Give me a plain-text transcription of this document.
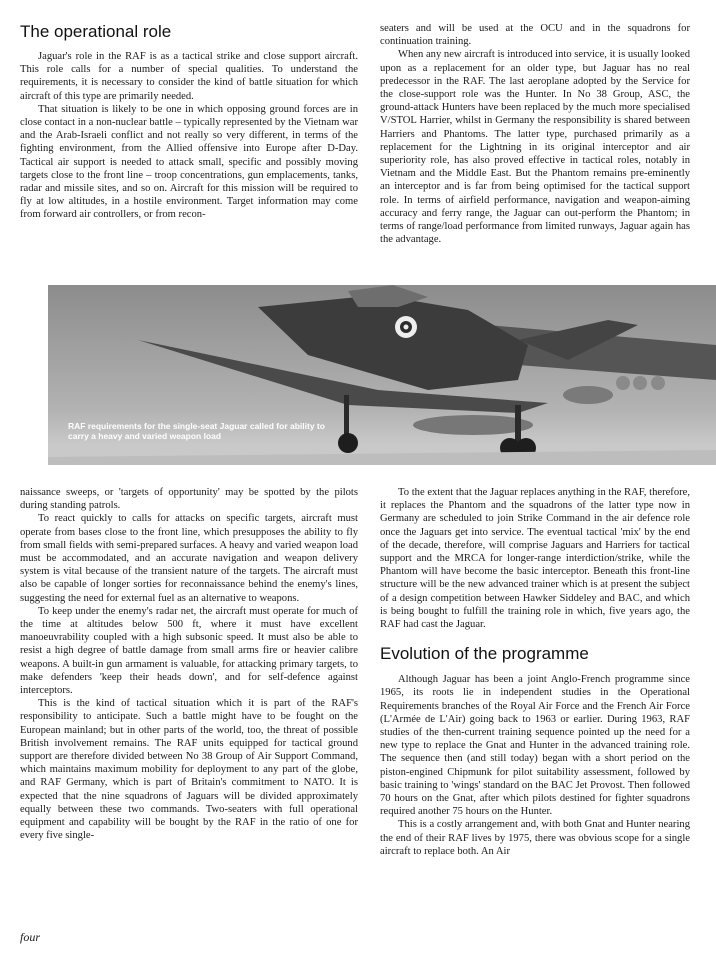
The operational role

Jaguar's role in the RAF is as a tactical strike and close support aircraft. This role calls for a number of special qualities. To understand the requirements, it is necessary to consider the kind of battle situation for which aircraft of this type are primarily needed.

That situation is likely to be one in which opposing ground forces are in close contact in a non-nuclear battle – typically represented by the Vietnam war and the Arab-Israeli conflict and not really so very different, in terms of the fighting environment, from the Allied offensive into Europe after D-Day. Tactical air support is needed to attack small, specific and possibly moving targets close to the front line – troop concentrations, gun emplacements, tanks, radar and missile sites, and so on. Aircraft for this mission will be required to fly at low altitudes, in a hostile environment. Target information may come from forward air controllers, or from recon-

seaters and will be used at the OCU and in the squadrons for continuation training.

When any new aircraft is introduced into service, it is usually looked upon as a replacement for an older type, but Jaguar has no real predecessor in the RAF. The last aeroplane adopted by the Service for the close-support role was the Hunter. In No 38 Group, ASC, the ground-attack Hunters have been replaced by the much more specialised V/STOL Harrier, whilst in Germany the responsibility is shared between Harriers and Phantoms. The latter type, purchased primarily as a replacement for the Lightning in its original interceptor and air superiority role, has also proved effective in tactical roles, notably in Vietnam and the Middle East. But the Phantom remains pre-eminently an interceptor and is far from being optimised for the tactical support role. In terms of airfield performance, navigation and weapon-aiming accuracy and ferry range, the Jaguar can out-perform the Phantom; in terms of range/load performance from limited runways, Jaguar again has the advantage.

RAF requirements for the single-seat Jaguar called for ability to carry a heavy and varied weapon load

naissance sweeps, or 'targets of opportunity' may be spotted by the pilots during standing patrols.

To react quickly to calls for attacks on specific targets, aircraft must operate from bases close to the front line, which presupposes the ability to fly from small fields with semi-prepared surfaces. A heavy and varied weapon load must be accommodated, and an accurate navigation and weapon delivery system is vital because of the transient nature of the targets. The aircraft must also be capable of longer sorties for reconnaissance behind the enemy's lines, suggesting the need for external fuel as an alternative to weapons.

To keep under the enemy's radar net, the aircraft must operate for much of the time at altitudes below 500 ft, where it must have excellent manoeuvrability coupled with a high subsonic speed. It must also be able to resist a high degree of battle damage from small arms fire or heavier calibre weapons. A built-in gun armament is valuable, for attacking primary targets, to make defenders 'keep their heads down', and for self-defence against interceptors.

This is the kind of tactical situation which it is part of the RAF's responsibility to anticipate. Such a battle might have to be fought on the European mainland; but in other parts of the world, too, the threat of possible British involvement remains. The RAF units equipped for tactical ground support are therefore divided between No 38 Group of Air Support Command, which maintains maximum mobility for deployment to any part of the globe, and RAF Germany, which is part of Britain's commitment to NATO. It is expected that the nine squadrons of Jaguars will be divided approximately equally between these two commands. Two-seaters with full operational equipment and capability will be bought by the RAF in the ratio of one for every five single-

To the extent that the Jaguar replaces anything in the RAF, therefore, it replaces the Phantom and the squadrons of the latter type now in Germany are scheduled to join Strike Command in the air defence role once the Jaguars get into service. The eventual tactical 'mix' by the end of the decade, therefore, will comprise Jaguars and Harriers for tactical support and the MRCA for longer-range interdiction/strike, while the Phantom will have become the basic interceptor. Beneath this front-line structure will be the new advanced trainer which is at present the subject of a design competition between Hawker Siddeley and BAC, and which is being bought to fulfill the training role in which, five years ago, the RAF had cast the Jaguar.

Evolution of the programme

Although Jaguar has been a joint Anglo-French programme since 1965, its roots lie in independent studies in the Operational Requirements branches of the Royal Air Force and the French Air Force (L'Armée de L'Air) going back to 1963 or earlier. During 1963, RAF studies of the then-current training sequence pointed up the need for a new type to replace the Gnat and Hunter in the advanced training role. The sequence then (and still today) began with a short period on the piston-engined Chipmunk for pilot suitability assessment, followed by basic training to 'wings' standard on the BAC Jet Provost. Then followed 70 hours on the Gnat, after which pilots destined for fighter squadrons required another 75 hours on the Hunter.

This is a costly arrangement and, with both Gnat and Hunter nearing the end of their RAF lives by 1975, there was obvious scope for a single aircraft to replace both. An Air

four
